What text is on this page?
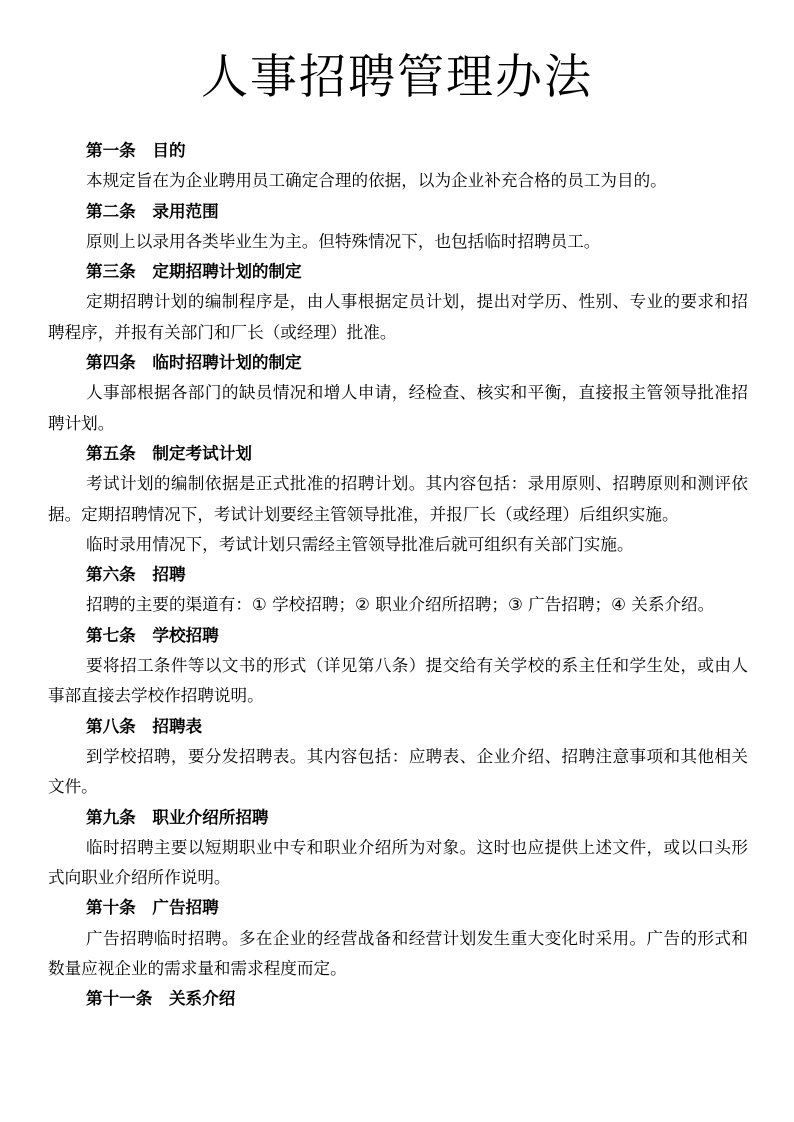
人事招聘管理办法

第一条　目的

本规定旨在为企业聘用员工确定合理的依据，以为企业补充合格的员工为目的。

第二条　录用范围

原则上以录用各类毕业生为主。但特殊情况下，也包括临时招聘员工。

第三条　定期招聘计划的制定

定期招聘计划的编制程序是，由人事根据定员计划，提出对学历、性别、专业的要求和招聘程序，并报有关部门和厂长（或经理）批准。

第四条　临时招聘计划的制定

人事部根据各部门的缺员情况和增人申请，经检查、核实和平衡，直接报主管领导批准招聘计划。

第五条　制定考试计划

考试计划的编制依据是正式批准的招聘计划。其内容包括：录用原则、招聘原则和测评依据。定期招聘情况下，考试计划要经主管领导批准，并报厂长（或经理）后组织实施。

临时录用情况下，考试计划只需经主管领导批准后就可组织有关部门实施。

第六条　招聘

招聘的主要的渠道有：① 学校招聘；② 职业介绍所招聘；③ 广告招聘；④ 关系介绍。

第七条　学校招聘

要将招工条件等以文书的形式（详见第八条）提交给有关学校的系主任和学生处，或由人事部直接去学校作招聘说明。

第八条　招聘表

到学校招聘，要分发招聘表。其内容包括：应聘表、企业介绍、招聘注意事项和其他相关文件。

第九条　职业介绍所招聘

临时招聘主要以短期职业中专和职业介绍所为对象。这时也应提供上述文件，或以口头形式向职业介绍所作说明。

第十条　广告招聘

广告招聘临时招聘。多在企业的经营战备和经营计划发生重大变化时采用。广告的形式和数量应视企业的需求量和需求程度而定。

第十一条　关系介绍
